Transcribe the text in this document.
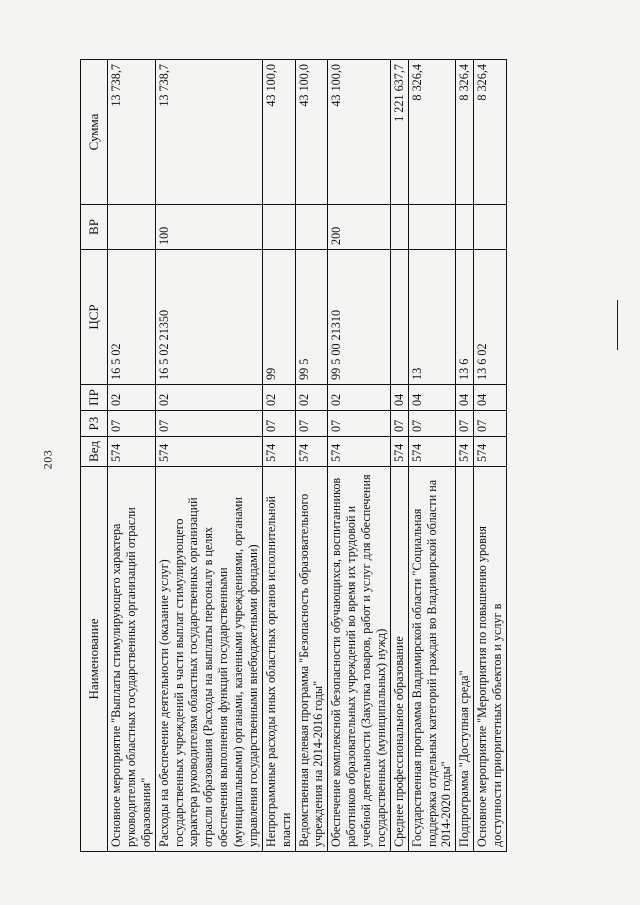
203
Наименование	Вед	РЗ	ПР	ЦСР	ВР	Сумма
Основное мероприятие "Выплаты стимулирующего характера руководителям областных государственных организаций отрасли образования"	574	07	02	16 5 02		13 738,7
Расходы на обеспечение деятельности (оказание услуг) государственных учреждений в части выплат стимулирующего характера руководителям областных государственных организаций отрасли образования (Расходы на выплаты персоналу в целях обеспечения выполнения функций государственными (муниципальными) органами, казенными учреждениями, органами управления государственными внебюджетными фондами)	574	07	02	16 5 02 21350	100	13 738,7
Непрограммные расходы иных областных органов исполнительной власти	574	07	02	99		43 100,0
Ведомственная целевая программа "Безопасность образовательного учреждения на 2014-2016 годы"	574	07	02	99 5		43 100,0
Обеспечение комплексной безопасности обучающихся, воспитанников работников образовательных учреждений во время их трудовой и учебной деятельности (Закупка товаров, работ и услуг для обеспечения государственных (муниципальных) нужд)	574	07	02	99 5 00 21310	200	43 100,0
Среднее профессиональное образование	574	07	04			1 221 637,7
Государственная программа Владимирской области "Социальная поддержка отдельных категорий граждан во Владимирской области на 2014-2020 годы"	574	07	04	13		8 326,4
Подпрограмма "Доступная среда"	574	07	04	13 6		8 326,4
Основное мероприятие "Мероприятия по повышению уровня доступности приоритетных объектов и услуг в	574	07	04	13 6 02		8 326,4
